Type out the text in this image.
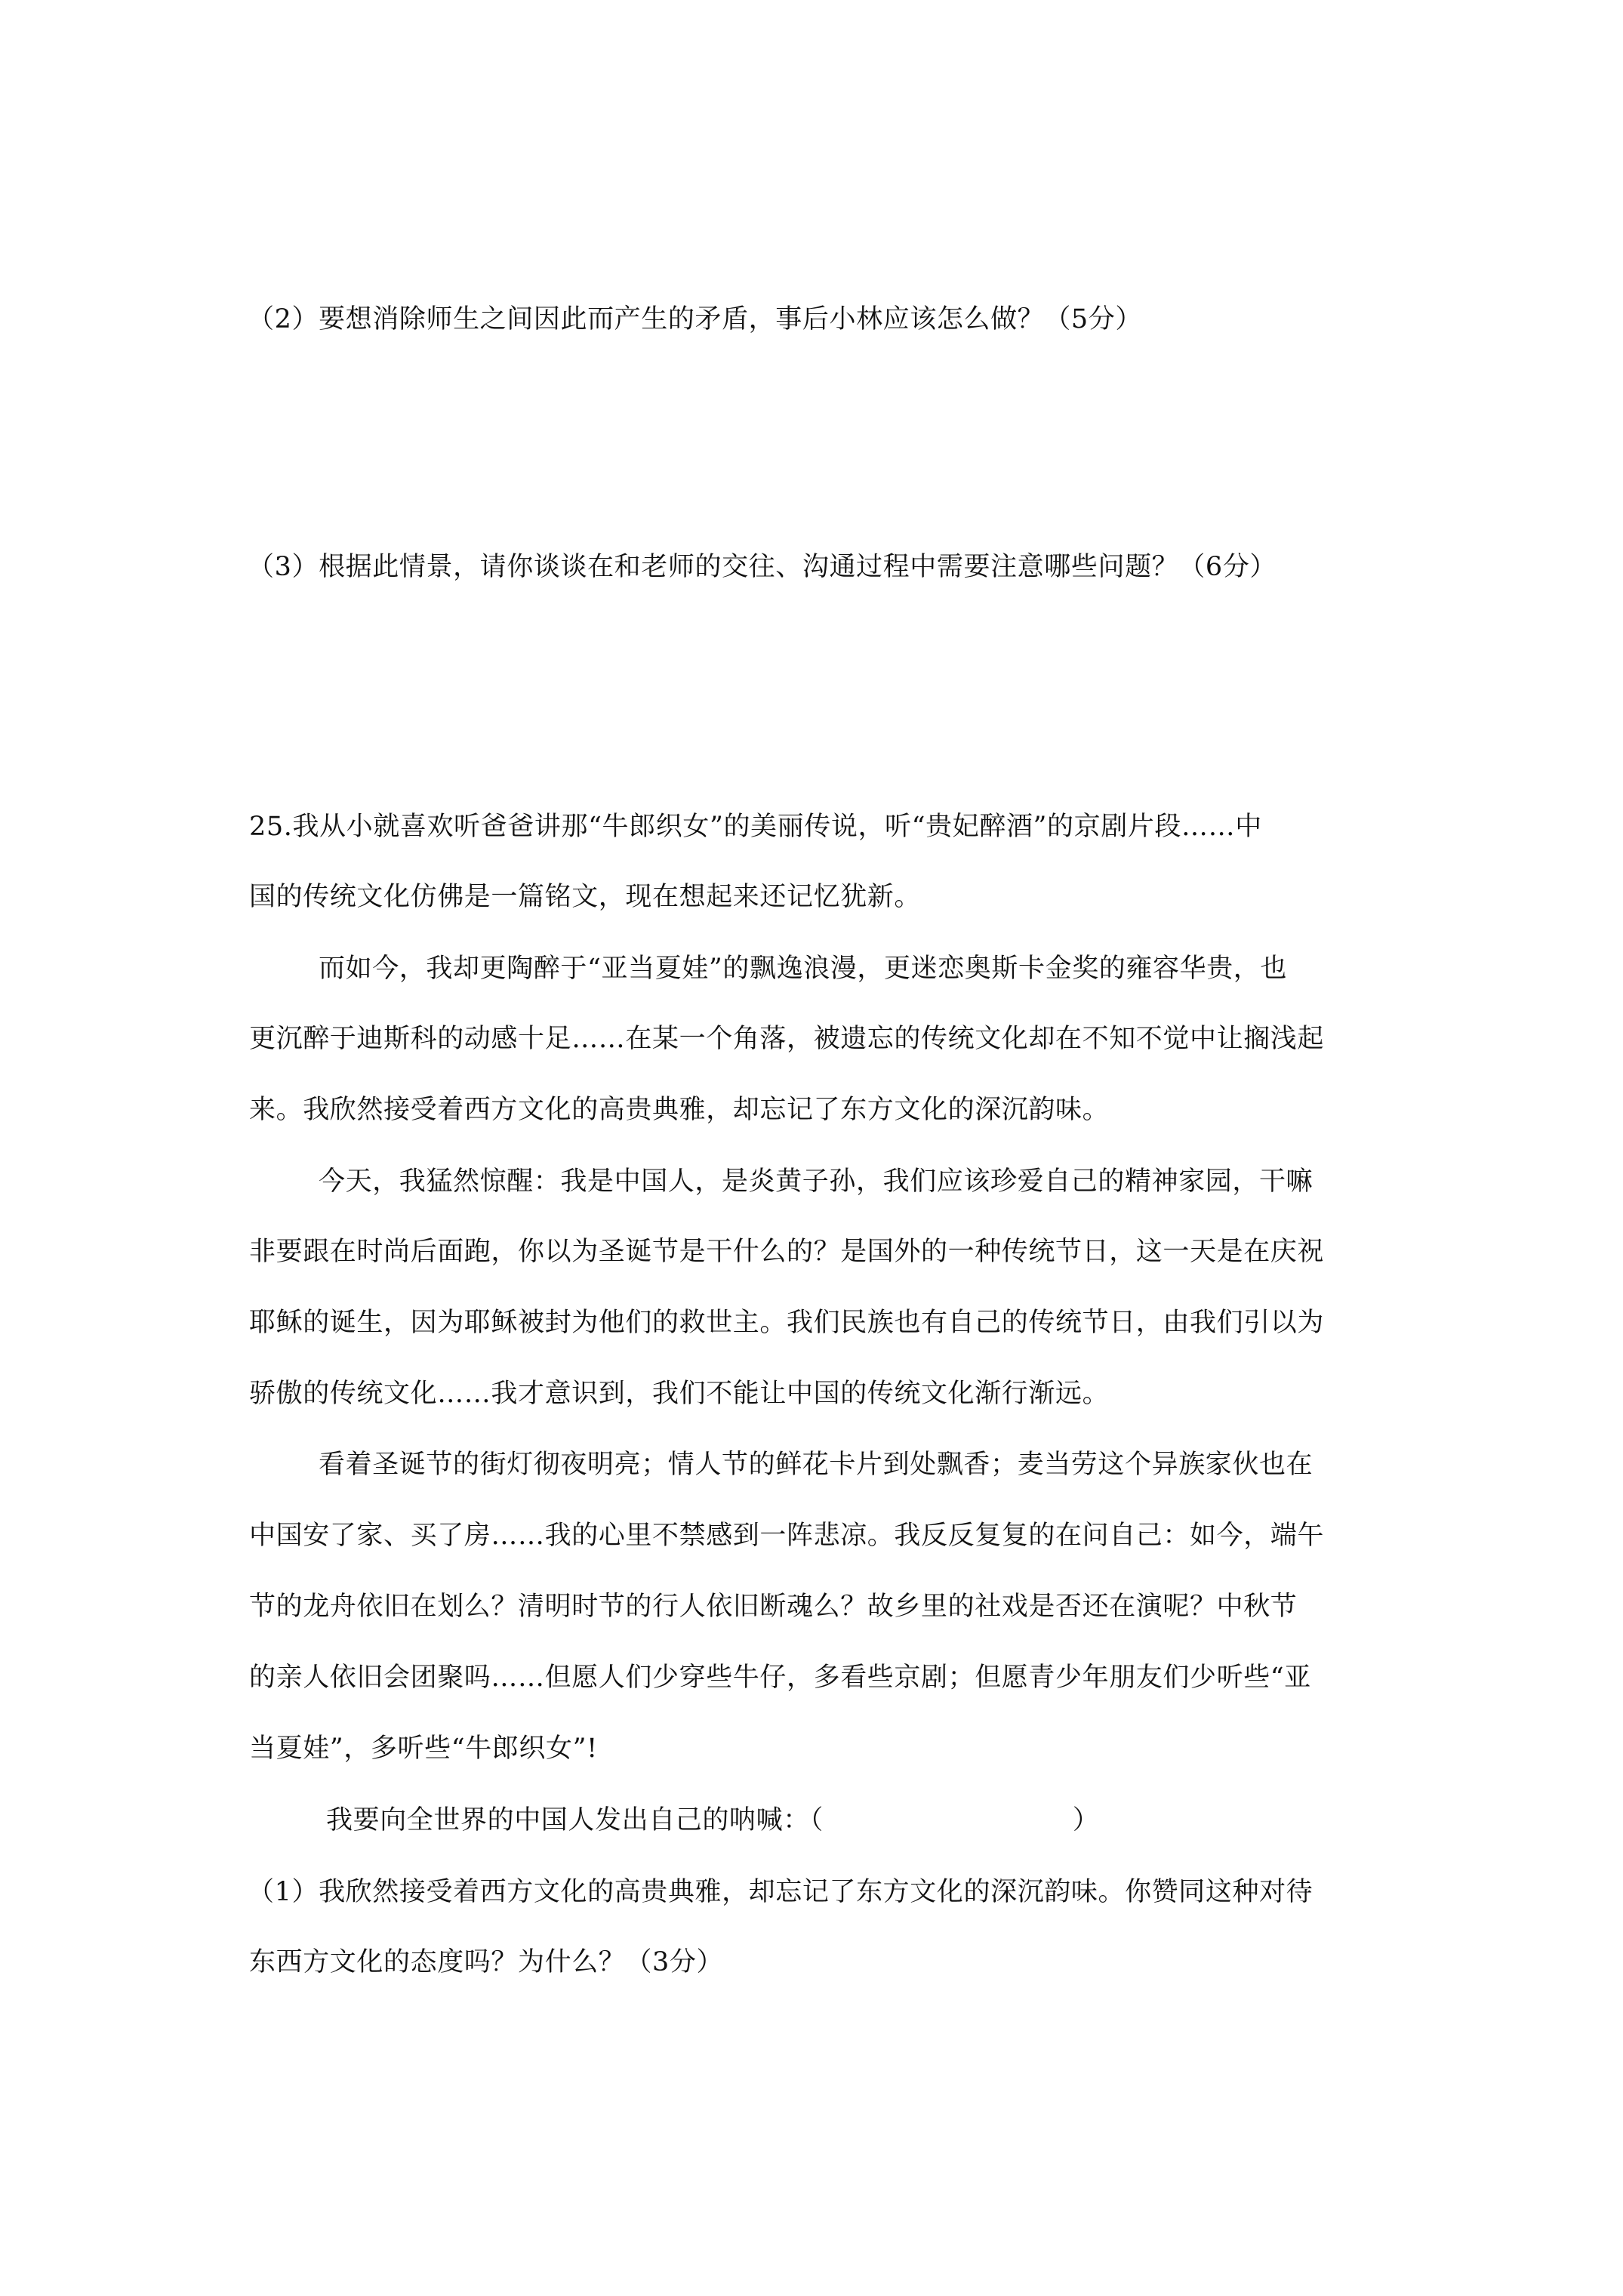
（2）要想消除师生之间因此而产生的矛盾，事后小林应该怎么做？（5分）
（3）根据此情景，请你谈谈在和老师的交往、沟通过程中需要注意哪些问题？（6分）
25.我从小就喜欢听爸爸讲那“牛郎织女”的美丽传说，听“贵妃醉酒”的京剧片段……中
国的传统文化仿佛是一篇铭文，现在想起来还记忆犹新。
而如今，我却更陶醉于“亚当夏娃”的飘逸浪漫，更迷恋奥斯卡金奖的雍容华贵，也
更沉醉于迪斯科的动感十足……在某一个角落，被遗忘的传统文化却在不知不觉中让搁浅起
来。我欣然接受着西方文化的高贵典雅，却忘记了东方文化的深沉韵味。
今天，我猛然惊醒：我是中国人，是炎黄子孙，我们应该珍爱自己的精神家园，干嘛
非要跟在时尚后面跑，你以为圣诞节是干什么的？是国外的一种传统节日，这一天是在庆祝
耶稣的诞生，因为耶稣被封为他们的救世主。我们民族也有自己的传统节日，由我们引以为
骄傲的传统文化……我才意识到，我们不能让中国的传统文化渐行渐远。
看着圣诞节的街灯彻夜明亮；情人节的鲜花卡片到处飘香；麦当劳这个异族家伙也在
中国安了家、买了房……我的心里不禁感到一阵悲凉。我反反复复的在问自己：如今，端午
节的龙舟依旧在划么？清明时节的行人依旧断魂么？故乡里的社戏是否还在演呢？中秋节
的亲人依旧会团聚吗……但愿人们少穿些牛仔，多看些京剧；但愿青少年朋友们少听些“亚
当夏娃”，多听些“牛郎织女”!
我要向全世界的中国人发出自己的呐喊：（	）
（1）我欣然接受着西方文化的高贵典雅，却忘记了东方文化的深沉韵味。你赞同这种对待
东西方文化的态度吗？为什么？（3分）
